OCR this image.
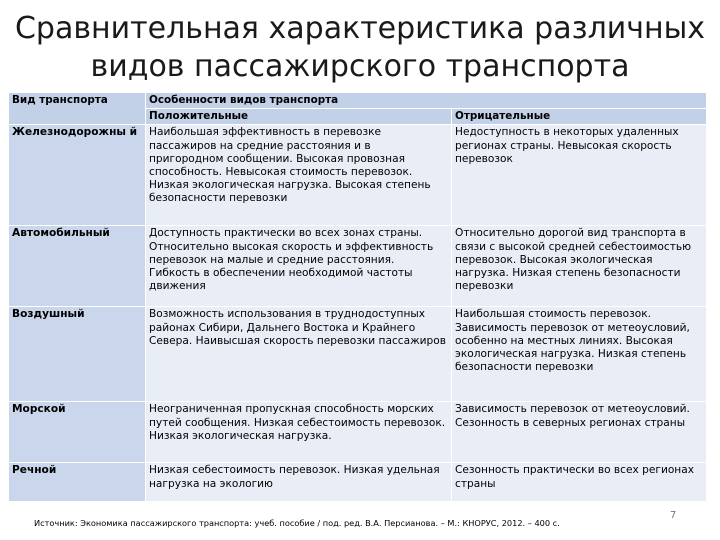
Сравнительная характеристика различных видов пассажирского транспорта
Вид транспорта	Особенности видов транспорта	
	Положительные	Отрицательные
Железнодорожны й	Наибольшая эффективность в перевозке пассажиров на средние расстояния и в пригородном сообщении. Высокая провозная способность. Невысокая стоимость перевозок. Низкая экологическая нагрузка. Высокая степень безопасности перевозки	Недоступность в некоторых удаленных регионах страны. Невысокая скорость перевозок
Автомобильный	Доступность практически во всех зонах страны. Относительно высокая скорость и эффективность перевозок на малые и средние расстояния. Гибкость в обеспечении необходимой частоты движения	Относительно дорогой вид транспорта в связи с высокой средней себестоимостью перевозок. Высокая экологическая нагрузка. Низкая степень безопасности перевозки
Воздушный	Возможность использования в труднодоступных районах Сибири, Дальнего Востока и Крайнего Севера. Наивысшая скорость перевозки пассажиров	Наибольшая стоимость перевозок. Зависимость перевозок от метеоусловий, особенно на местных линиях. Высокая экологическая нагрузка. Низкая степень безопасности перевозки
Морской	Неограниченная пропускная способность морских путей сообщения. Низкая себестоимость перевозок. Низкая экологическая нагрузка.	Зависимость перевозок от метеоусловий. Сезонность в северных регионах страны
Речной	Низкая себестоимость перевозок. Низкая удельная нагрузка на экологию	Сезонность практически во всех регионах страны
7
Источник: Экономика пассажирского транспорта: учеб. пособие / под. ред. В.А. Персианова. – М.: КНОРУС, 2012. – 400 с.
